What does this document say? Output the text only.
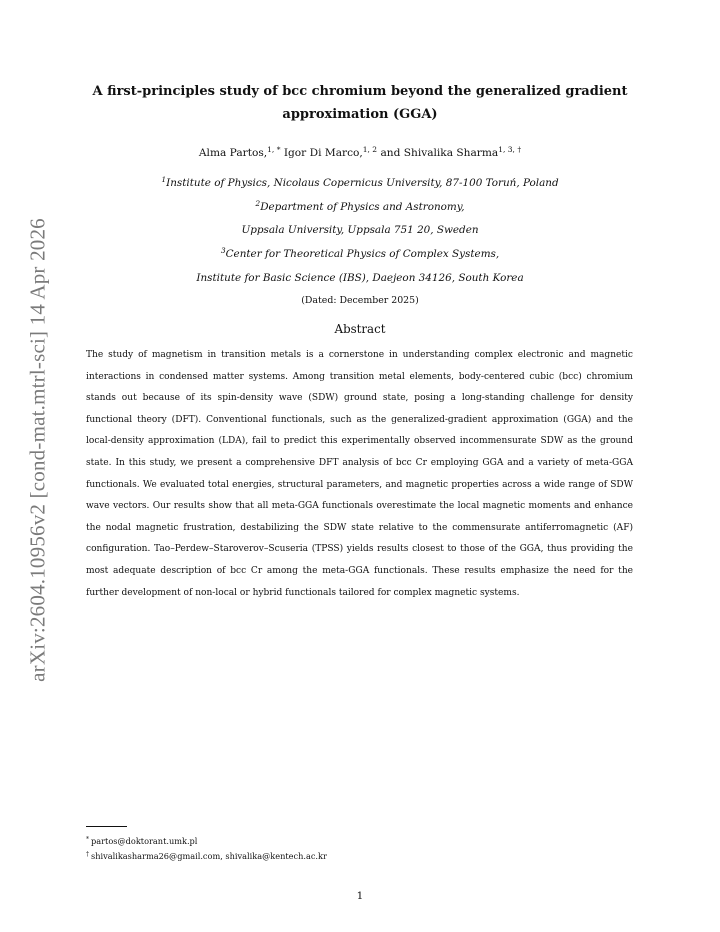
arXiv:2604.10956v2 [cond-mat.mtrl-sci] 14 Apr 2026
A first-principles study of bcc chromium beyond the generalized gradient approximation (GGA)
Alma Partos,$^{1, *}$ Igor Di Marco,$^{1, 2}$ and Shivalika Sharma$^{1, 3, \dagger}$
$^1$Institute of Physics, Nicolaus Copernicus University, 87-100 Toruń, Poland
$^2$Department of Physics and Astronomy,
Uppsala University, Uppsala 751 20, Sweden
$^3$Center for Theoretical Physics of Complex Systems,
Institute for Basic Science (IBS), Daejeon 34126, South Korea
(Dated: December 2025)
Abstract
The study of magnetism in transition metals is a cornerstone in understanding complex electronic and magnetic interactions in condensed matter systems. Among transition metal elements, body-centered cubic (bcc) chromium stands out because of its spin-density wave (SDW) ground state, posing a long-standing challenge for density functional theory (DFT). Conventional functionals, such as the generalized-gradient approximation (GGA) and the local-density approximation (LDA), fail to predict this experimentally observed incommensurate SDW as the ground state. In this study, we present a comprehensive DFT analysis of bcc Cr employing GGA and a variety of meta-GGA functionals. We evaluated total energies, structural parameters, and magnetic properties across a wide range of SDW wave vectors. Our results show that all meta-GGA functionals overestimate the local magnetic moments and enhance the nodal magnetic frustration, destabilizing the SDW state relative to the commensurate antiferromagnetic (AF) configuration. Tao–Perdew–Staroverov–Scuseria (TPSS) yields results closest to those of the GGA, thus providing the most adequate description of bcc Cr among the meta-GGA functionals. These results emphasize the need for the further development of non-local or hybrid functionals tailored for complex magnetic systems.
* partos@doktorant.umk.pl
† shivalikasharma26@gmail.com, shivalika@kentech.ac.kr
1
